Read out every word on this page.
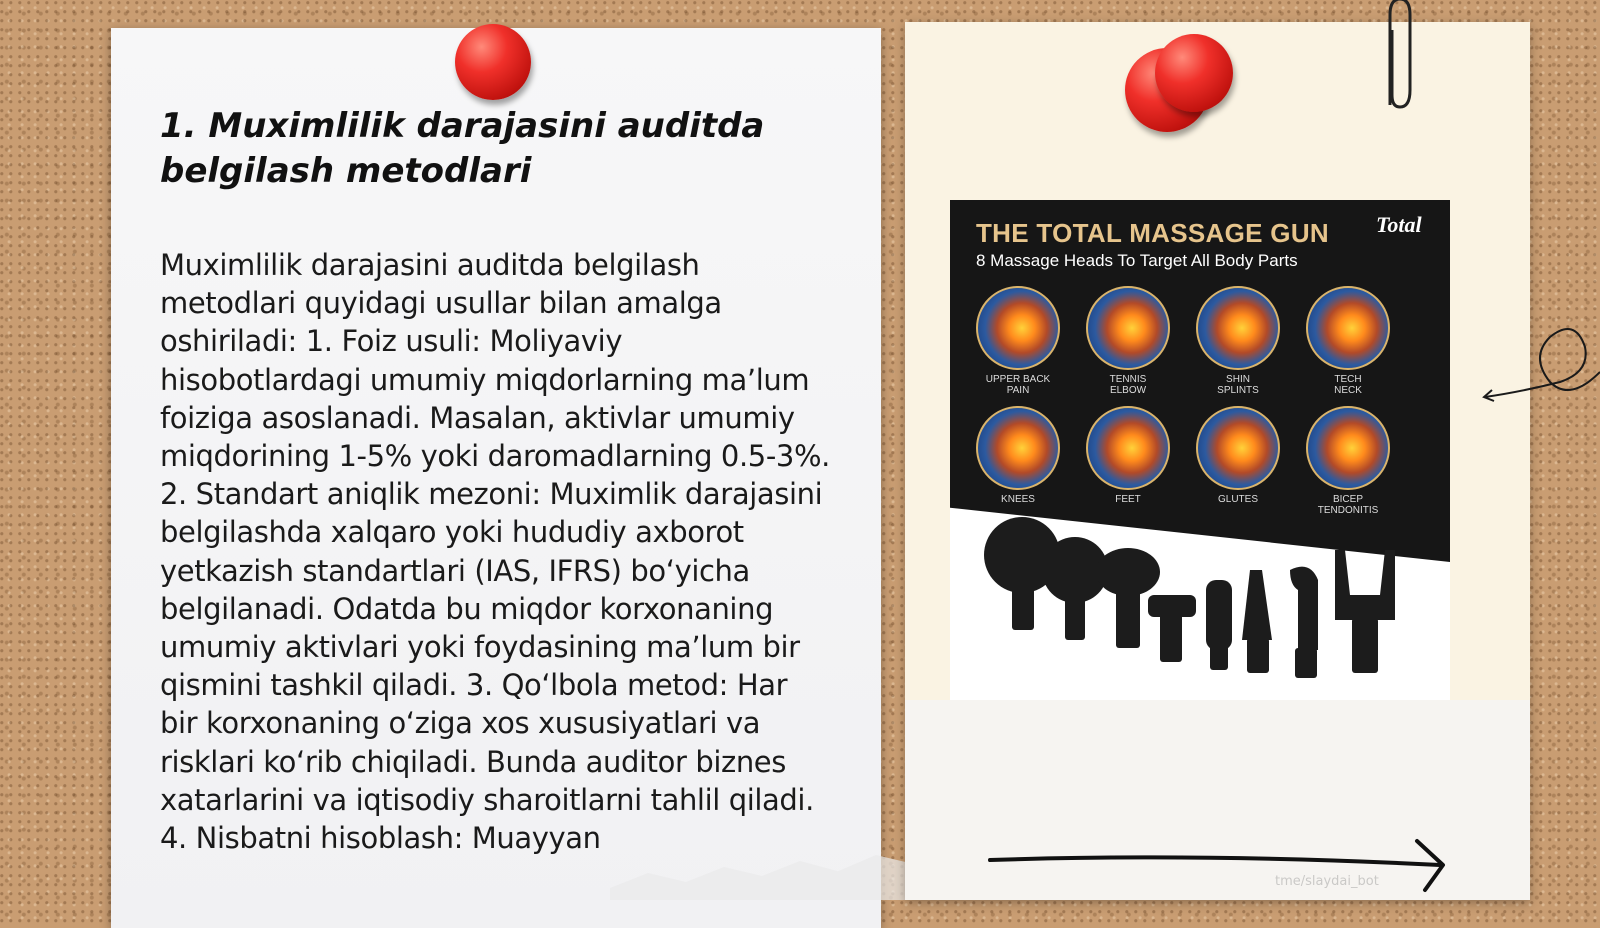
1. Muximlilik darajasini auditda belgilash metodlari

Muximlilik darajasini auditda belgilash metodlari quyidagi usullar bilan amalga oshiriladi: 1. Foiz usuli: Moliyaviy hisobotlardagi umumiy miqdorlarning ma’lum foiziga asoslanadi. Masalan, aktivlar umumiy miqdorining 1-5% yoki daromadlarning 0.5-3%. 2. Standart aniqlik mezoni: Muximlik darajasini belgilashda xalqaro yoki hududiy axborot yetkazish standartlari (IAS, IFRS) bo‘yicha belgilanadi. Odatda bu miqdor korxonaning umumiy aktivlari yoki foydasining ma’lum bir qismini tashkil qiladi. 3. Qo‘lbola metod: Har bir korxonaning o‘ziga xos xususiyatlari va risklari ko‘rib chiqiladi. Bunda auditor biznes xatarlarini va iqtisodiy sharoitlarni tahlil qiladi. 4. Nisbatni hisoblash: Muayyan

THE TOTAL MASSAGE GUN
8 Massage Heads To Target All Body Parts
Total
UPPER BACK
PAIN
TENNIS
ELBOW
SHIN
SPLINTS
TECH
NECK
KNEES	FEET	GLUTES	BICEP
TENDONITIS
tme/slaydai_bot
